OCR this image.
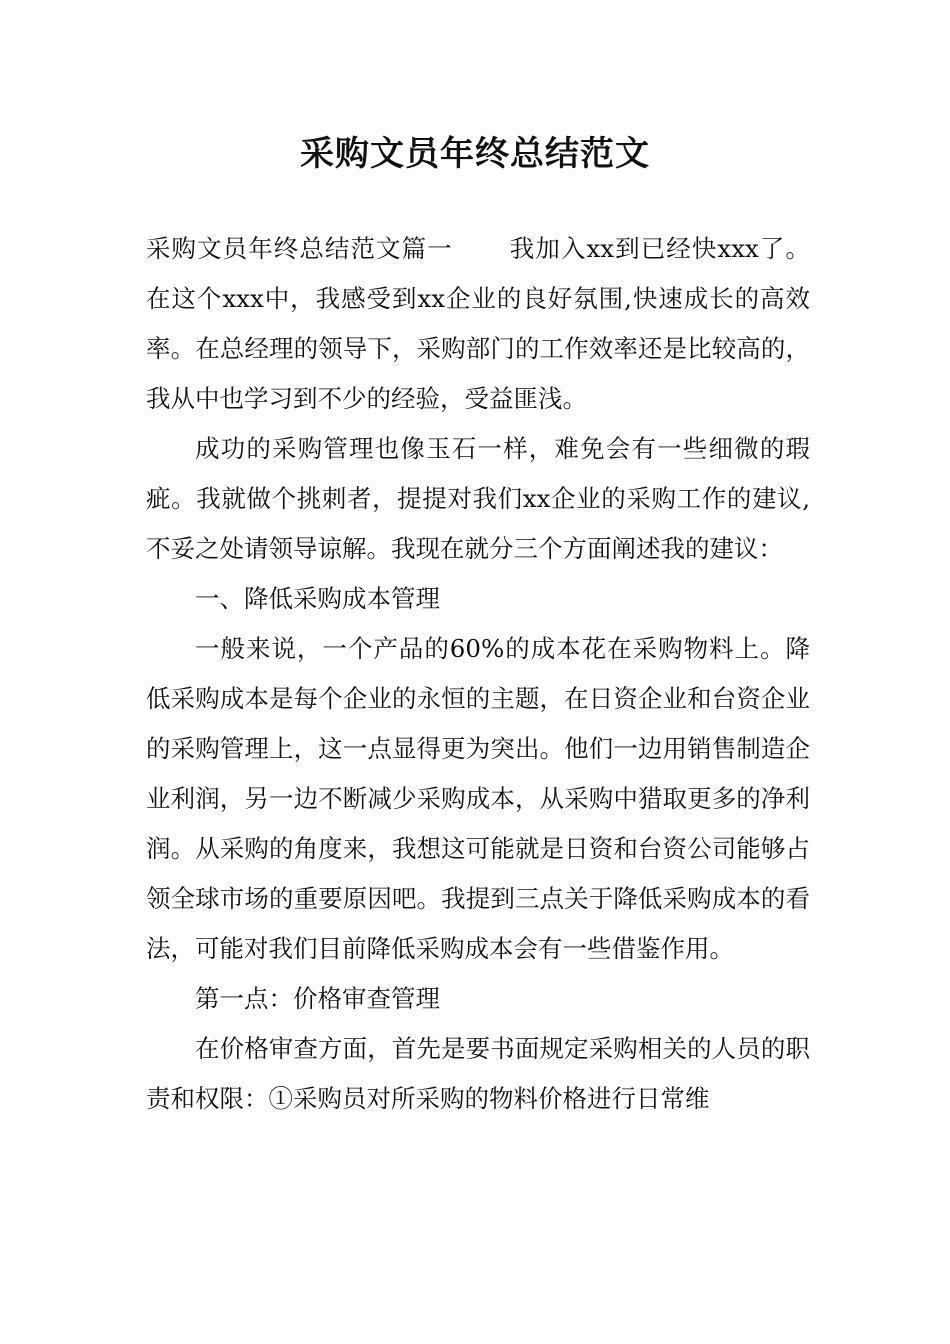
采购文员年终总结范文

采购文员年终总结范文篇一 我加入xx到已经快xxx了。在这个xxx中，我感受到xx企业的良好氛围,快速成长的高效率。在总经理的领导下，采购部门的工作效率还是比较高的，我从中也学习到不少的经验，受益匪浅。

成功的采购管理也像玉石一样，难免会有一些细微的瑕疵。我就做个挑刺者，提提对我们xx企业的采购工作的建议,不妥之处请领导谅解。我现在就分三个方面阐述我的建议：

一、降低采购成本管理

一般来说，一个产品的60%的成本花在采购物料上。降低采购成本是每个企业的永恒的主题，在日资企业和台资企业的采购管理上，这一点显得更为突出。他们一边用销售制造企业利润，另一边不断减少采购成本，从采购中猎取更多的净利润。从采购的角度来，我想这可能就是日资和台资公司能够占领全球市场的重要原因吧。我提到三点关于降低采购成本的看法，可能对我们目前降低采购成本会有一些借鉴作用。

第一点：价格审查管理

在价格审查方面，首先是要书面规定采购相关的人员的职责和权限：①采购员对所采购的物料价格进行日常维
